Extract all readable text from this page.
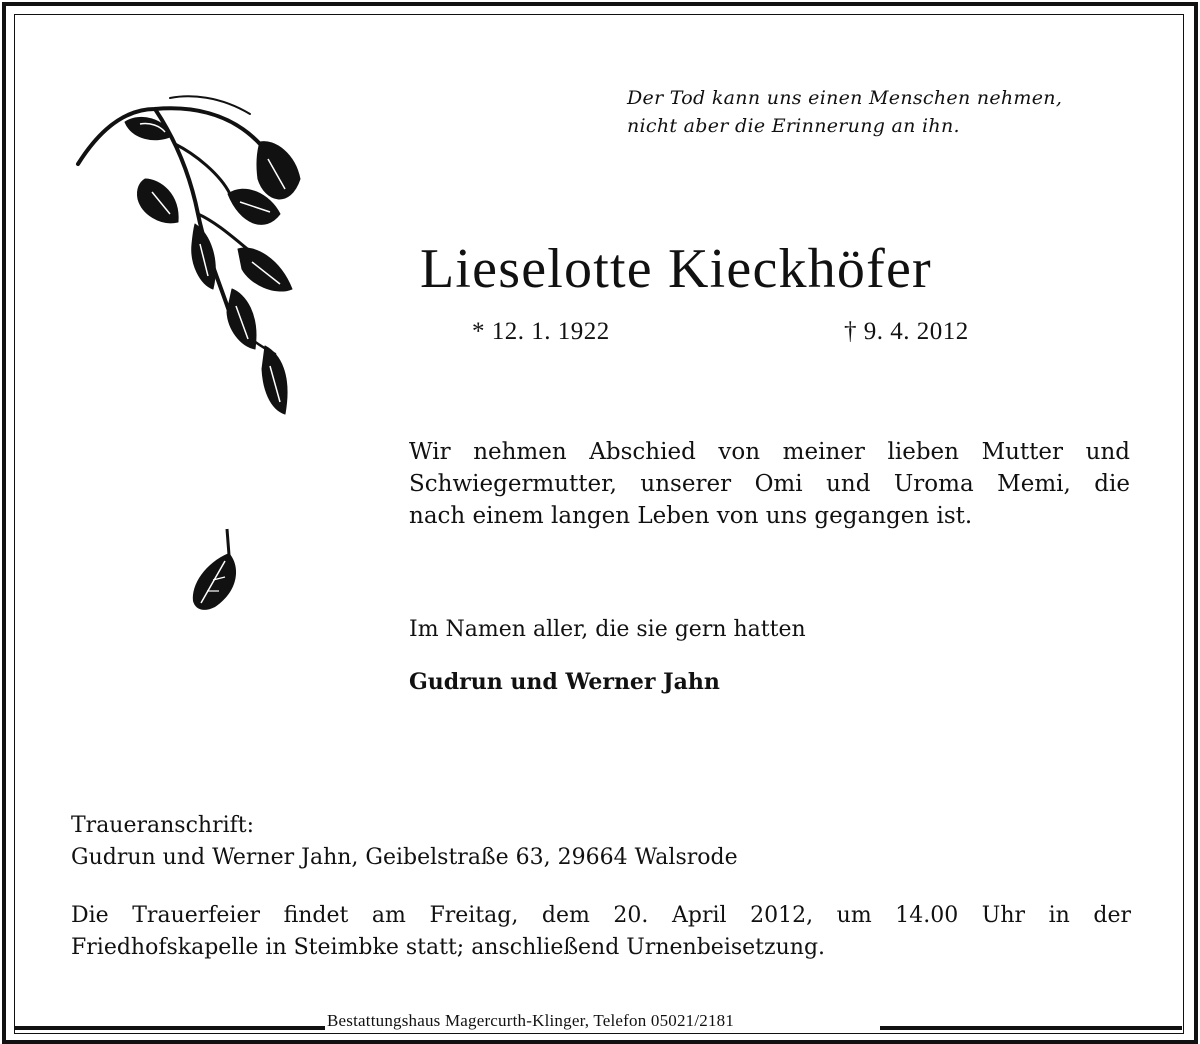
Der Tod kann uns einen Menschen nehmen,
nicht aber die Erinnerung an ihn.
Lieselotte Kieckhöfer
* 12. 1. 1922	† 9. 4. 2012
Wir nehmen Abschied von meiner lieben Mutter und
Schwiegermutter, unserer Omi und Uroma Memi, die
nach einem langen Leben von uns gegangen ist.
Im Namen aller, die sie gern hatten
Gudrun und Werner Jahn
Traueranschrift:
Gudrun und Werner Jahn, Geibelstraße 63, 29664 Walsrode
Die Trauerfeier findet am Freitag, dem 20. April 2012, um 14.00 Uhr in der
Friedhofskapelle in Steimbke statt; anschließend Urnenbeisetzung.
Bestattungshaus Magercurth-Klinger, Telefon 05021/2181
